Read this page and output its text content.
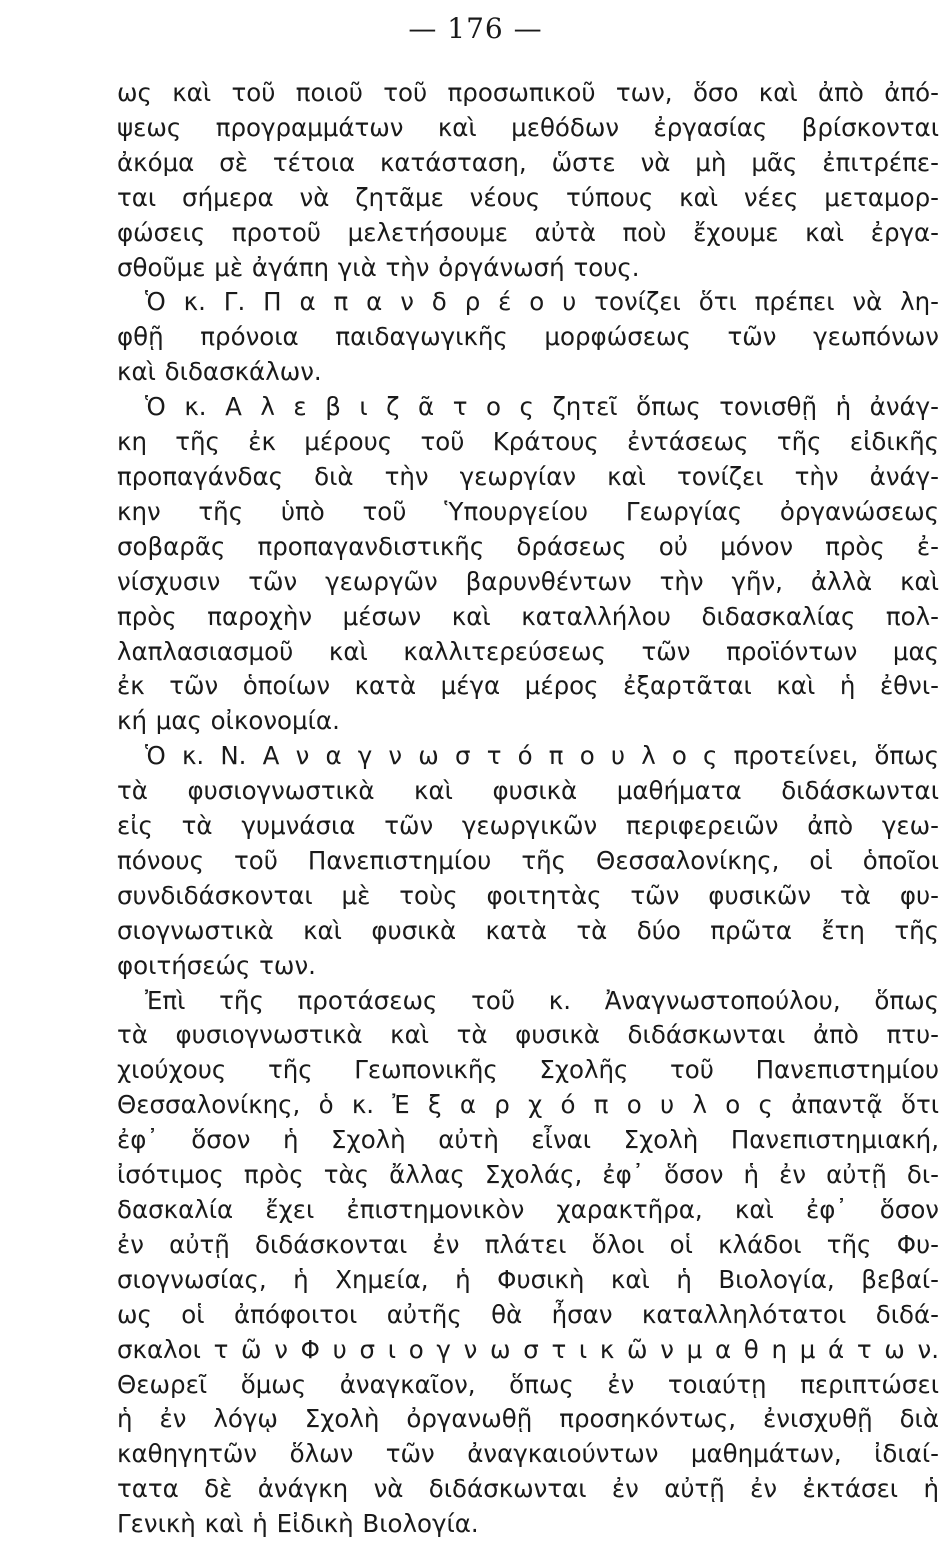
— 176 —
ως καὶ τοῦ ποιοῦ τοῦ προσωπικοῦ των, ὅσο καὶ ἀπὸ ἀπό-
ψεως προγραμμάτων καὶ μεθόδων ἐργασίας βρίσκονται
ἀκόμα σὲ τέτοια κατάσταση, ὥστε νὰ μὴ μᾶς ἐπιτρέπε-
ται σήμερα νὰ ζητᾶμε νέους τύπους καὶ νέες μεταμορ-
φώσεις προτοῦ μελετήσουμε αὐτὰ ποὺ ἔχουμε καὶ ἐργα-
σθοῦμε μὲ ἀγάπη γιὰ τὴν ὀργάνωσή τους.
Ὁ κ. Γ. Π α π α ν δ ρ έ ο υ τονίζει ὅτι πρέπει νὰ λη-
φθῇ πρόνοια παιδαγωγικῆς μορφώσεως τῶν γεωπόνων
καὶ διδασκάλων.
Ὁ κ. Α λ ε β ι ζ ᾶ τ ο ς ζητεῖ ὅπως τονισθῇ ἡ ἀνάγ-
κη τῆς ἐκ μέρους τοῦ Κράτους ἐντάσεως τῆς εἰδικῆς
προπαγάνδας διὰ τὴν γεωργίαν καὶ τονίζει τὴν ἀνάγ-
κην τῆς ὑπὸ τοῦ Ὑπουργείου Γεωργίας ὀργανώσεως
σοβαρᾶς προπαγανδιστικῆς δράσεως οὐ μόνον πρὸς ἐ-
νίσχυσιν τῶν γεωργῶν βαρυνθέντων τὴν γῆν, ἀλλὰ καὶ
πρὸς παροχὴν μέσων καὶ καταλλήλου διδασκαλίας πολ-
λαπλασιασμοῦ καὶ καλλιτερεύσεως τῶν προϊόντων μας
ἐκ τῶν ὁποίων κατὰ μέγα μέρος ἐξαρτᾶται καὶ ἡ ἐθνι-
κή μας οἰκονομία.
Ὁ κ. Ν. Α ν α γ ν ω σ τ ό π ο υ λ ο ς προτείνει, ὅπως
τὰ φυσιογνωστικὰ καὶ φυσικὰ μαθήματα διδάσκωνται
εἰς τὰ γυμνάσια τῶν γεωργικῶν περιφερειῶν ἀπὸ γεω-
πόνους τοῦ Πανεπιστημίου τῆς Θεσσαλονίκης, οἱ ὁποῖοι
συνδιδάσκονται μὲ τοὺς φοιτητὰς τῶν φυσικῶν τὰ φυ-
σιογνωστικὰ καὶ φυσικὰ κατὰ τὰ δύο πρῶτα ἔτη τῆς
φοιτήσεώς των.
Ἐπὶ τῆς προτάσεως τοῦ κ. Ἀναγνωστοπούλου, ὅπως
τὰ φυσιογνωστικὰ καὶ τὰ φυσικὰ διδάσκωνται ἀπὸ πτυ-
χιούχους τῆς Γεωπονικῆς Σχολῆς τοῦ Πανεπιστημίου
Θεσσαλονίκης, ὁ κ. Ἐ ξ α ρ χ ό π ο υ λ ο ς ἀπαντᾷ ὅτι
ἐφ᾽ ὅσον ἡ Σχολὴ αὐτὴ εἶναι Σχολὴ Πανεπιστημιακή,
ἰσότιμος πρὸς τὰς ἄλλας Σχολάς, ἐφ᾽ ὅσον ἡ ἐν αὐτῇ δι-
δασκαλία ἔχει ἐπιστημονικὸν χαρακτῆρα, καὶ ἐφ᾽ ὅσον
ἐν αὐτῇ διδάσκονται ἐν πλάτει ὅλοι οἱ κλάδοι τῆς Φυ-
σιογνωσίας, ἡ Χημεία, ἡ Φυσικὴ καὶ ἡ Βιολογία, βεβαί-
ως οἱ ἀπόφοιτοι αὐτῆς θὰ ἦσαν καταλληλότατοι διδά-
σκαλοι τ ῶ ν Φ υ σ ι ο γ ν ω σ τ ι κ ῶ ν μ α θ η μ ά τ ω ν.
Θεωρεῖ ὅμως ἀναγκαῖον, ὅπως ἐν τοιαύτῃ περιπτώσει
ἡ ἐν λόγῳ Σχολὴ ὀργανωθῇ προσηκόντως, ἐνισχυθῇ διὰ
καθηγητῶν ὅλων τῶν ἀναγκαιούντων μαθημάτων, ἰδιαί-
τατα δὲ ἀνάγκη νὰ διδάσκωνται ἐν αὐτῇ ἐν ἐκτάσει ἡ
Γενικὴ καὶ ἡ Εἰδικὴ Βιολογία.
